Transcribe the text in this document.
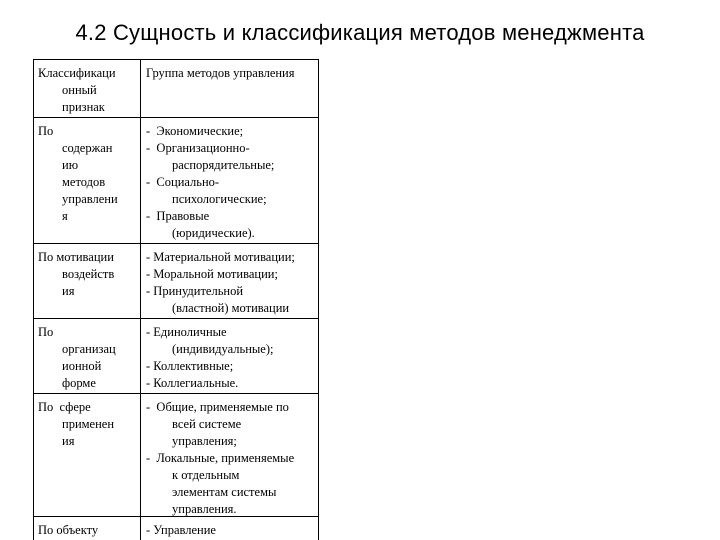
4.2 Сущность и классификация методов менеджмента
Классификаци
онный
признак
Группа методов управления
По
содержан
ию
методов
управлени
я
-  Экономические;
-  Организационно-
распорядительные;
-  Социально-
психологические;
-  Правовые
(юридические).
По мотивации
воздейств
ия
- Материальной мотивации;
- Моральной мотивации;
- Принудительной
(властной) мотивации
По
организац
ионной
форме
- Единоличные
(индивидуальные);
- Коллективные;
- Коллегиальные.
По  сфере
применен
ия
-  Общие, применяемые по
всей системе
управления;
-  Локальные, применяемые
к отдельным
элементам системы
управления.
По объекту	- Управление
